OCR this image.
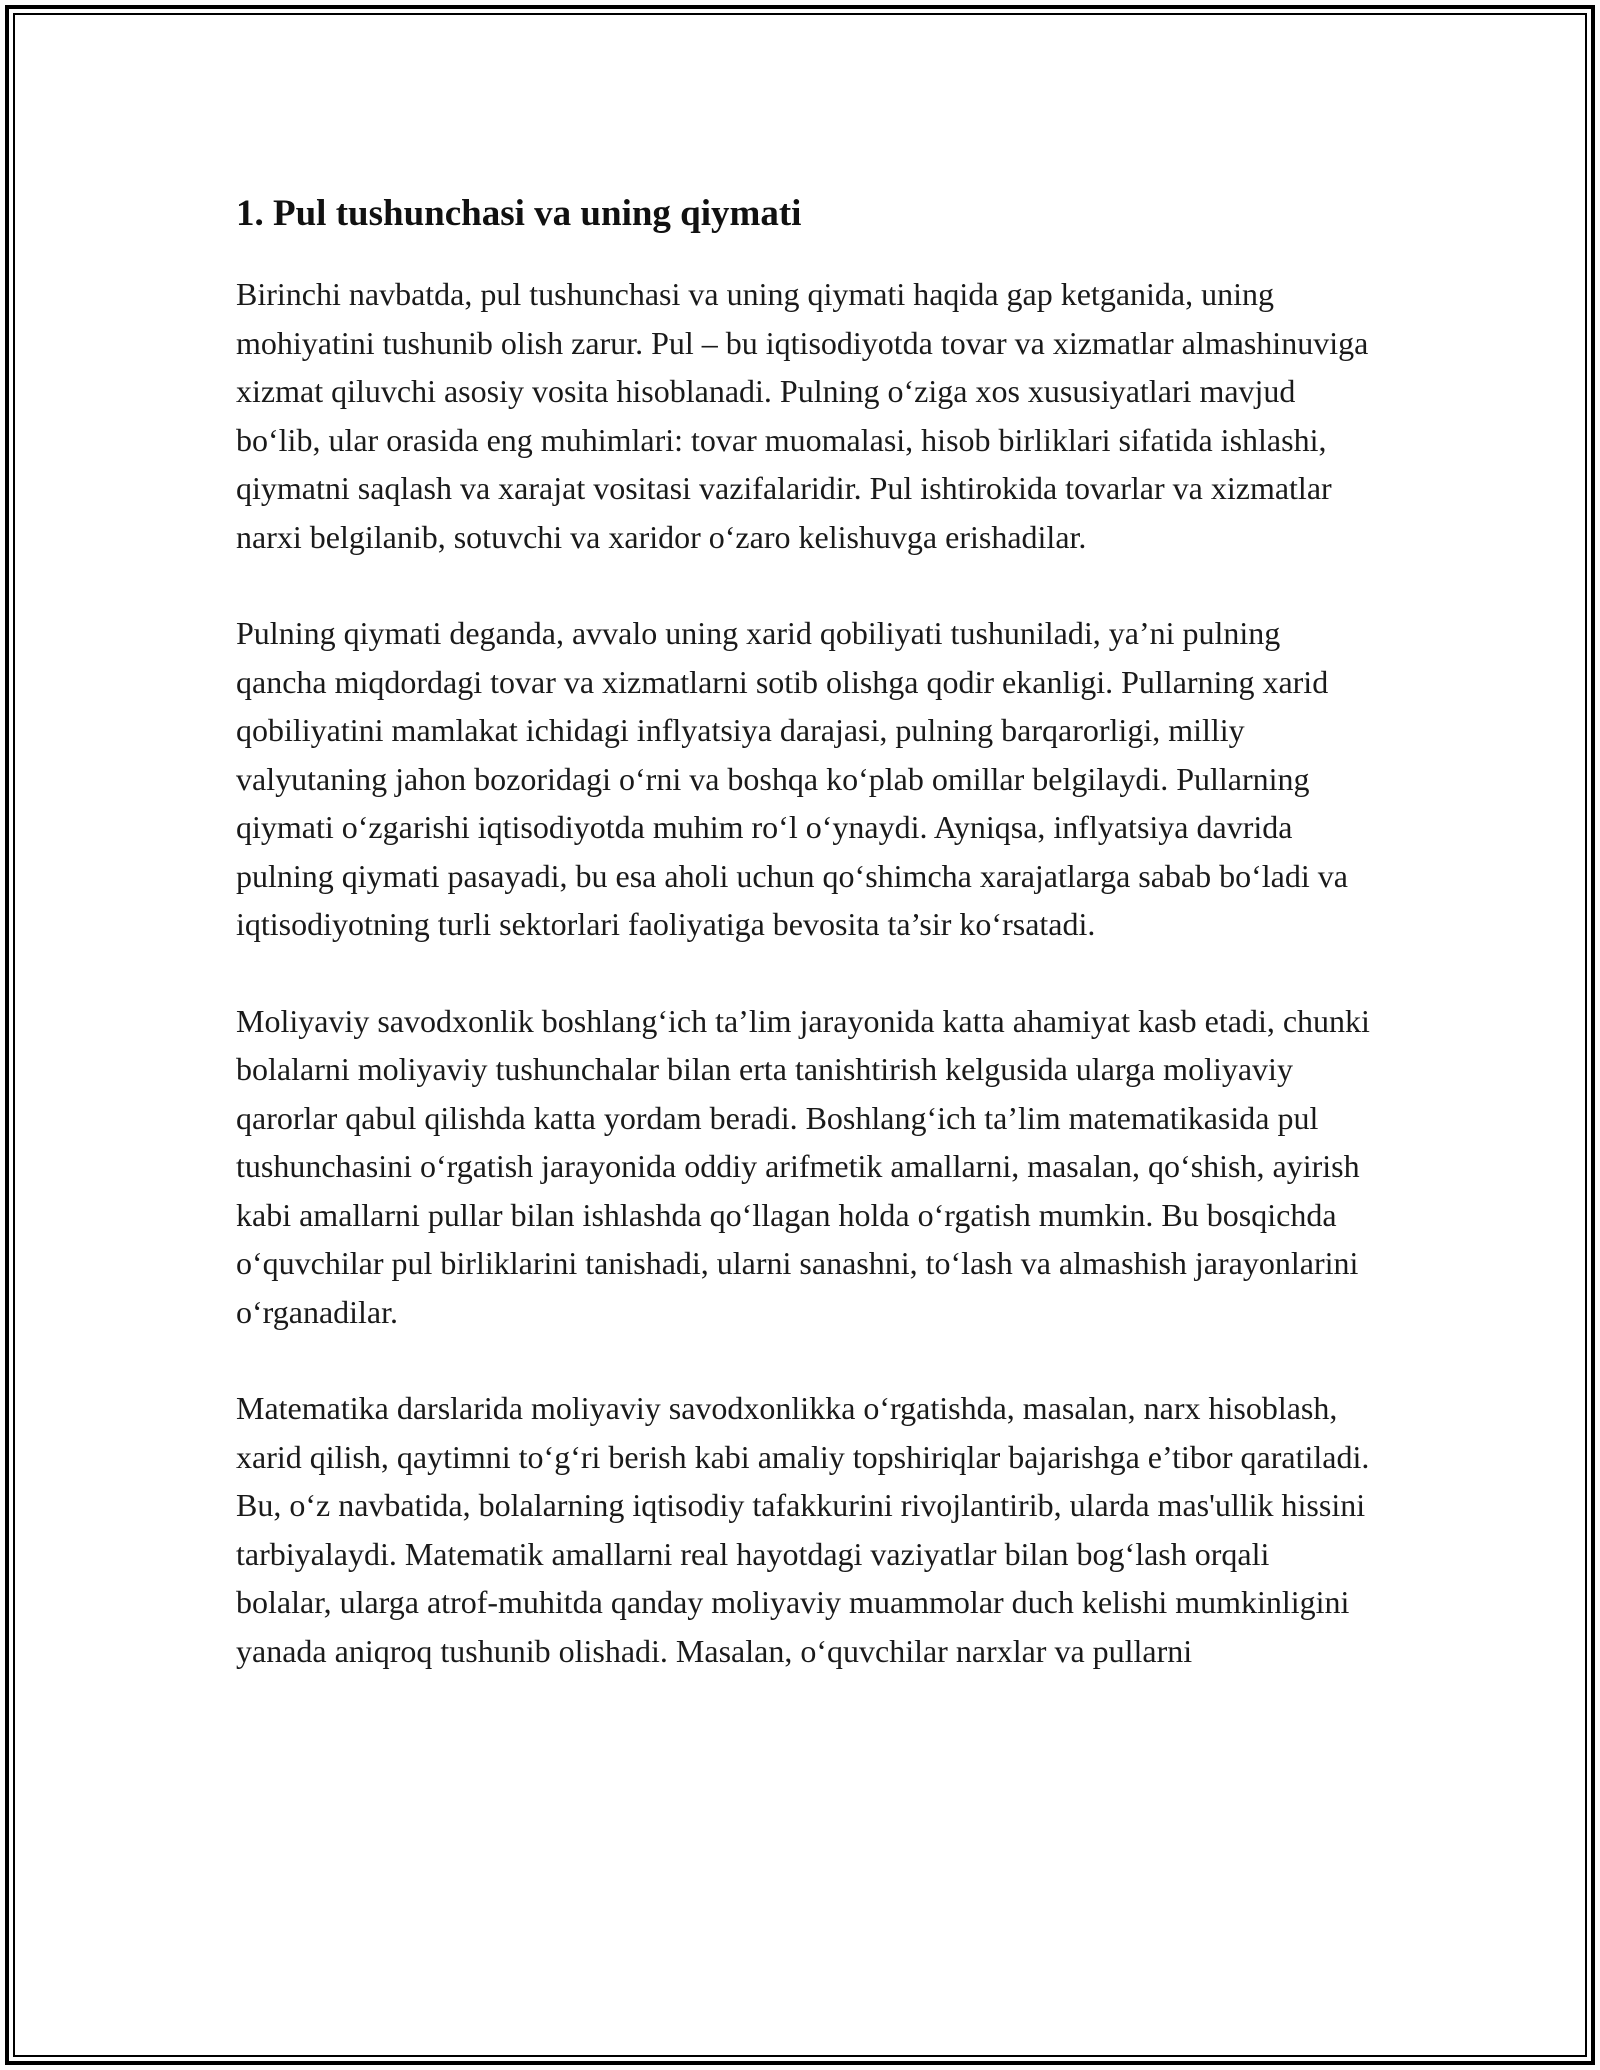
1. Pul tushunchasi va uning qiymati

Birinchi navbatda, pul tushunchasi va uning qiymati haqida gap ketganida, uning mohiyatini tushunib olish zarur. Pul – bu iqtisodiyotda tovar va xizmatlar almashinuviga xizmat qiluvchi asosiy vosita hisoblanadi. Pulning o‘ziga xos xususiyatlari mavjud bo‘lib, ular orasida eng muhimlari: tovar muomalasi, hisob birliklari sifatida ishlashi, qiymatni saqlash va xarajat vositasi vazifalaridir. Pul ishtirokida tovarlar va xizmatlar narxi belgilanib, sotuvchi va xaridor o‘zaro kelishuvga erishadilar.

Pulning qiymati deganda, avvalo uning xarid qobiliyati tushuniladi, ya’ni pulning qancha miqdordagi tovar va xizmatlarni sotib olishga qodir ekanligi. Pullarning xarid qobiliyatini mamlakat ichidagi inflyatsiya darajasi, pulning barqarorligi, milliy valyutaning jahon bozoridagi o‘rni va boshqa ko‘plab omillar belgilaydi. Pullarning qiymati o‘zgarishi iqtisodiyotda muhim ro‘l o‘ynaydi. Ayniqsa, inflyatsiya davrida pulning qiymati pasayadi, bu esa aholi uchun qo‘shimcha xarajatlarga sabab bo‘ladi va iqtisodiyotning turli sektorlari faoliyatiga bevosita ta’sir ko‘rsatadi.

Moliyaviy savodxonlik boshlang‘ich ta’lim jarayonida katta ahamiyat kasb etadi, chunki bolalarni moliyaviy tushunchalar bilan erta tanishtirish kelgusida ularga moliyaviy qarorlar qabul qilishda katta yordam beradi. Boshlang‘ich ta’lim matematikasida pul tushunchasini o‘rgatish jarayonida oddiy arifmetik amallarni, masalan, qo‘shish, ayirish kabi amallarni pullar bilan ishlashda qo‘llagan holda o‘rgatish mumkin. Bu bosqichda o‘quvchilar pul birliklarini tanishadi, ularni sanashni, to‘lash va almashish jarayonlarini o‘rganadilar.

Matematika darslarida moliyaviy savodxonlikka o‘rgatishda, masalan, narx hisoblash, xarid qilish, qaytimni to‘g‘ri berish kabi amaliy topshiriqlar bajarishga e’tibor qaratiladi. Bu, o‘z navbatida, bolalarning iqtisodiy tafakkurini rivojlantirib, ularda mas'ullik hissini tarbiyalaydi. Matematik amallarni real hayotdagi vaziyatlar bilan bog‘lash orqali bolalar, ularga atrof-muhitda qanday moliyaviy muammolar duch kelishi mumkinligini yanada aniqroq tushunib olishadi. Masalan, o‘quvchilar narxlar va pullarni
